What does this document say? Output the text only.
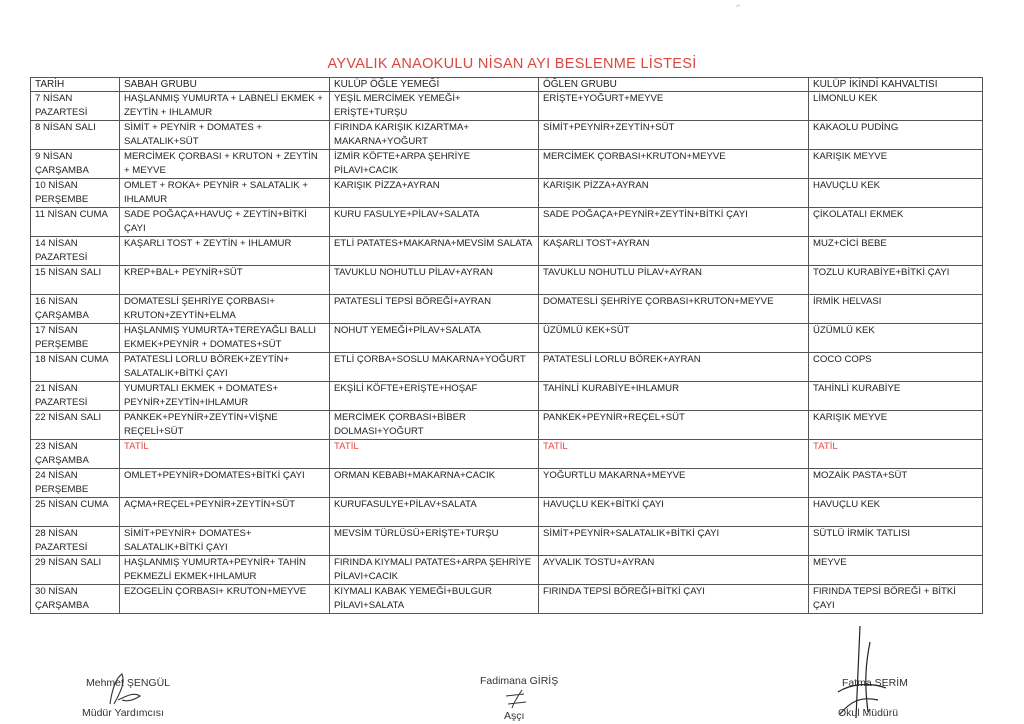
AYVALIK ANAOKULU NİSAN AYI BESLENME LİSTESİ
TARİH	SABAH GRUBU	KULÜP ÖĞLE YEMEĞİ	ÖĞLEN GRUBU	KULÜP İKİNDİ KAHVALTISI
7 NİSAN PAZARTESİ	HAŞLANMIŞ YUMURTA + LABNELİ EKMEK + ZEYTİN + IHLAMUR	YEŞİL MERCİMEK YEMEĞİ+ ERİŞTE+TURŞU	ERİŞTE+YOĞURT+MEYVE	LİMONLU KEK
8 NİSAN SALI	SİMİT + PEYNİR + DOMATES + SALATALIK+SÜT	FIRINDA KARIŞIK KIZARTMA+ MAKARNA+YOĞURT	SİMİT+PEYNİR+ZEYTİN+SÜT	KAKAOLU PUDİNG
9 NİSAN ÇARŞAMBA	MERCİMEK ÇORBASI + KRUTON + ZEYTİN + MEYVE	İZMİR KÖFTE+ARPA ŞEHRİYE PİLAVI+CACIK	MERCİMEK ÇORBASI+KRUTON+MEYVE	KARIŞIK MEYVE
10 NİSAN PERŞEMBE	OMLET + ROKA+ PEYNİR + SALATALIK + IHLAMUR	KARIŞIK PİZZA+AYRAN	KARIŞIK PİZZA+AYRAN	HAVUÇLU KEK
11 NİSAN CUMA	SADE POĞAÇA+HAVUÇ + ZEYTİN+BİTKİ ÇAYI	KURU FASULYE+PİLAV+SALATA	SADE POĞAÇA+PEYNİR+ZEYTİN+BİTKİ ÇAYI	ÇİKOLATALI EKMEK
14 NİSAN PAZARTESİ	KAŞARLI TOST + ZEYTİN + IHLAMUR	ETLİ PATATES+MAKARNA+MEVSİM SALATA	KAŞARLI TOST+AYRAN	MUZ+CİCİ BEBE
15 NİSAN SALI	KREP+BAL+ PEYNİR+SÜT	TAVUKLU NOHUTLU PİLAV+AYRAN	TAVUKLU NOHUTLU PİLAV+AYRAN	TOZLU KURABİYE+BİTKİ ÇAYI
16 NİSAN ÇARŞAMBA	DOMATESLİ ŞEHRİYE ÇORBASI+ KRUTON+ZEYTİN+ELMA	PATATESLİ TEPSİ BÖREĞİ+AYRAN	DOMATESLİ ŞEHRİYE ÇORBASI+KRUTON+MEYVE	İRMİK HELVASI
17 NİSAN PERŞEMBE	HAŞLANMIŞ YUMURTA+TEREYAĞLI BALLI EKMEK+PEYNİR + DOMATES+SÜT	NOHUT YEMEĞİ+PİLAV+SALATA	ÜZÜMLÜ KEK+SÜT	ÜZÜMLÜ KEK
18 NİSAN CUMA	PATATESLİ LORLU BÖREK+ZEYTİN+ SALATALIK+BİTKİ ÇAYI	ETLİ ÇORBA+SOSLU MAKARNA+YOĞURT	PATATESLİ LORLU BÖREK+AYRAN	COCO COPS
21 NİSAN PAZARTESİ	YUMURTALI EKMEK + DOMATES+ PEYNİR+ZEYTİN+IHLAMUR	EKŞİLİ KÖFTE+ERİŞTE+HOŞAF	TAHİNLİ KURABİYE+IHLAMUR	TAHİNLİ KURABİYE
22 NİSAN SALI	PANKEK+PEYNİR+ZEYTİN+VİŞNE REÇELİ+SÜT	MERCİMEK ÇORBASI+BİBER DOLMASI+YOĞURT	PANKEK+PEYNİR+REÇEL+SÜT	KARIŞIK MEYVE
23 NİSAN ÇARŞAMBA	TATİL	TATİL	TATİL	TATİL
24 NİSAN PERŞEMBE	OMLET+PEYNİR+DOMATES+BİTKİ ÇAYI	ORMAN KEBABI+MAKARNA+CACIK	YOĞURTLU MAKARNA+MEYVE	MOZAİK PASTA+SÜT
25 NİSAN CUMA	AÇMA+REÇEL+PEYNİR+ZEYTİN+SÜT	KURUFASULYE+PİLAV+SALATA	HAVUÇLU KEK+BİTKİ ÇAYI	HAVUÇLU KEK
28 NİSAN PAZARTESİ	SİMİT+PEYNİR+ DOMATES+ SALATALIK+BİTKİ ÇAYI	MEVSİM TÜRLÜSÜ+ERİŞTE+TURŞU	SİMİT+PEYNİR+SALATALIK+BİTKİ ÇAYI	SÜTLÜ İRMİK TATLISI
29 NİSAN SALI	HAŞLANMIŞ YUMURTA+PEYNİR+ TAHİN PEKMEZLİ EKMEK+IHLAMUR	FIRINDA KIYMALI PATATES+ARPA ŞEHRİYE PİLAVI+CACIK	AYVALIK TOSTU+AYRAN	MEYVE
30 NİSAN ÇARŞAMBA	EZOGELİN ÇORBASI+ KRUTON+MEYVE	KIYMALI KABAK YEMEĞİ+BULGUR PİLAVI+SALATA	FIRINDA TEPSİ BÖREĞİ+BİTKİ ÇAYI	FIRINDA TEPSİ BÖREĞİ + BİTKİ ÇAYI
Mehmet ŞENGÜL
Müdür Yardımcısı
Fadimana GİRİŞ
Aşçı
Fatma SERİM
Okul Müdürü
